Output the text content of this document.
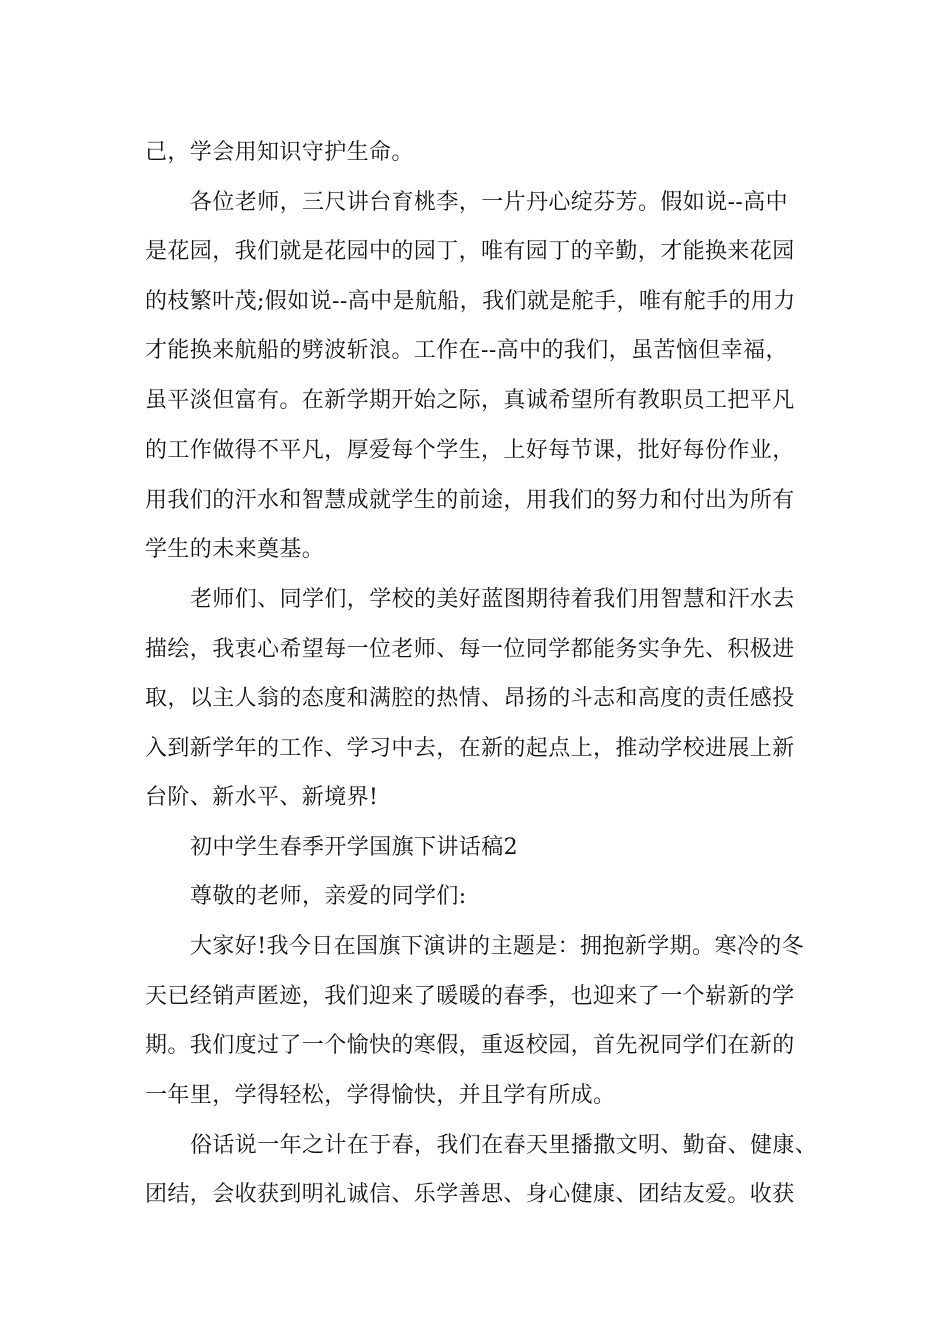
己，学会用知识守护生命。
各位老师，三尺讲台育桃李，一片丹心绽芬芳。假如说--高中
是花园，我们就是花园中的园丁，唯有园丁的辛勤，才能换来花园
的枝繁叶茂;假如说--高中是航船，我们就是舵手，唯有舵手的用力
才能换来航船的劈波斩浪。工作在--高中的我们，虽苦恼但幸福，
虽平淡但富有。在新学期开始之际，真诚希望所有教职员工把平凡
的工作做得不平凡，厚爱每个学生，上好每节课，批好每份作业，
用我们的汗水和智慧成就学生的前途，用我们的努力和付出为所有
学生的未来奠基。
老师们、同学们，学校的美好蓝图期待着我们用智慧和汗水去
描绘，我衷心希望每一位老师、每一位同学都能务实争先、积极进
取，以主人翁的态度和满腔的热情、昂扬的斗志和高度的责任感投
入到新学年的工作、学习中去，在新的起点上，推动学校进展上新
台阶、新水平、新境界!
初中学生春季开学国旗下讲话稿2
尊敬的老师，亲爱的同学们:
大家好!我今日在国旗下演讲的主题是：拥抱新学期。寒冷的冬
天已经销声匿迹，我们迎来了暖暖的春季，也迎来了一个崭新的学
期。我们度过了一个愉快的寒假，重返校园，首先祝同学们在新的
一年里，学得轻松，学得愉快，并且学有所成。
俗话说一年之计在于春，我们在春天里播撒文明、勤奋、健康、
团结，会收获到明礼诚信、乐学善思、身心健康、团结友爱。收获
